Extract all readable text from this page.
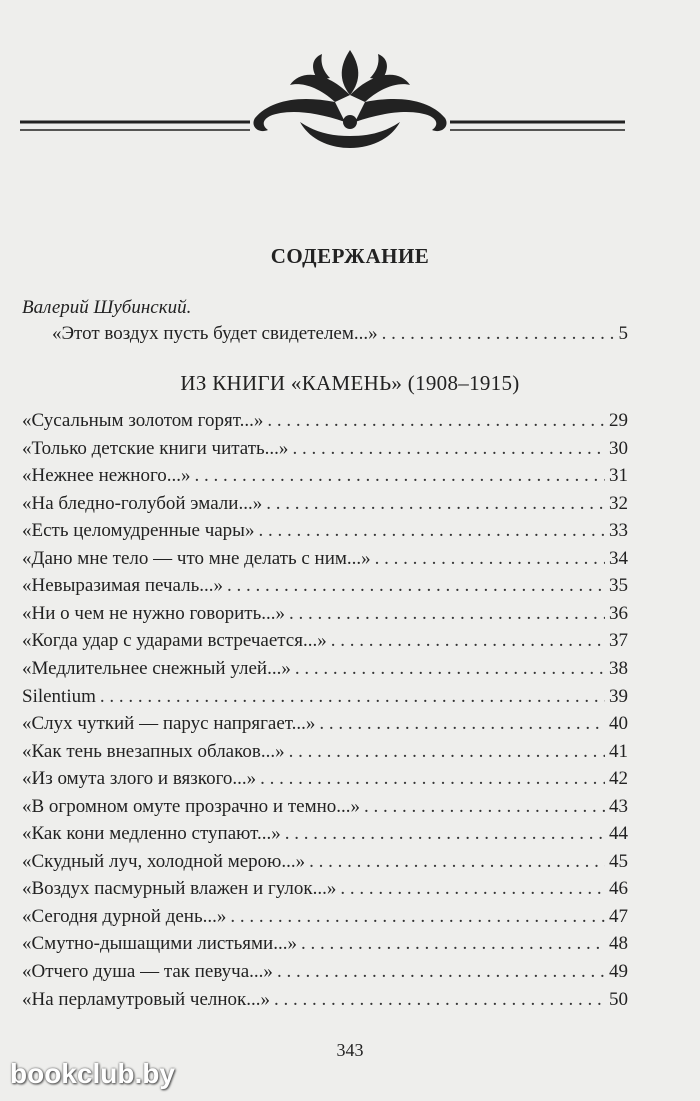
СОДЕРЖАНИЕ
Валерий Шубинский.
«Этот воздух пусть будет свидетелем...» . . .	5
ИЗ КНИГИ «КАМЕНЬ» (1908–1915)
«Сусальным золотом горят...» . . .	29
«Только детские книги читать...» . . .	30
«Нежнее нежного...» . . .	31
«На бледно-голубой эмали...» . . .	32
«Есть целомудренные чары» . . .	33
«Дано мне тело — что мне делать с ним...» . . .	34
«Невыразимая печаль...» . . .	35
«Ни о чем не нужно говорить...» . . .	36
«Когда удар с ударами встречается...» . . .	37
«Медлительнее снежный улей...» . . .	38
Silentium . . .	39
«Слух чуткий — парус напрягает...» . . .	40
«Как тень внезапных облаков...» . . .	41
«Из омута злого и вязкого...» . . .	42
«В огромном омуте прозрачно и темно...» . . .	43
«Как кони медленно ступают...» . . .	44
«Скудный луч, холодной мерою...» . . .	45
«Воздух пасмурный влажен и гулок...» . . .	46
«Сегодня дурной день...» . . .	47
«Смутно-дышащими листьями...» . . .	48
«Отчего душа — так певуча...» . . .	49
«На перламутровый челнок...» . . .	50
343
bookclub.by
